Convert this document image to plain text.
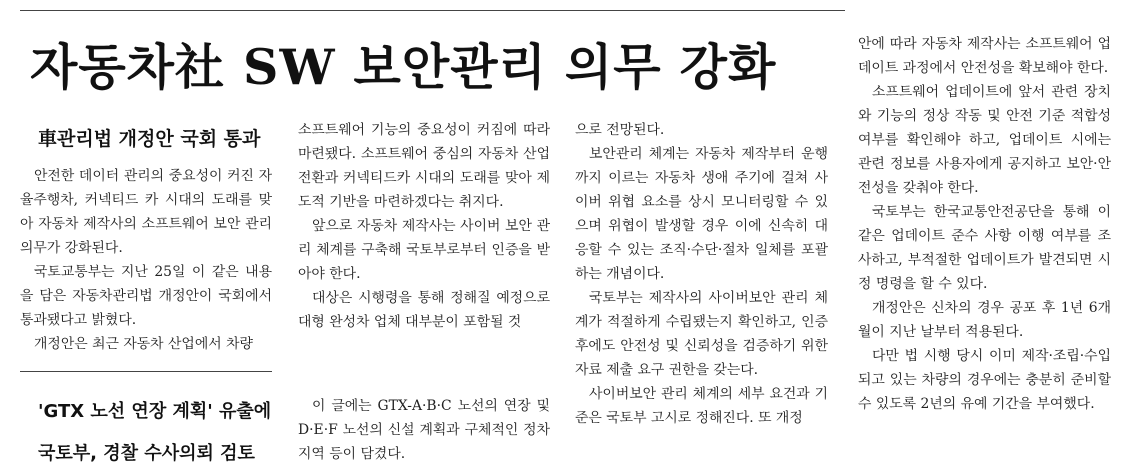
자동차社 SW 보안관리 의무 강화
車관리법 개정안 국회 통과

안전한 데이터 관리의 중요성이 커진 자율주행차, 커넥티드 카 시대의 도래를 맞아 자동차 제작사의 소프트웨어 보안 관리 의무가 강화된다.

국토교통부는 지난 25일 이 같은 내용을 담은 자동차관리법 개정안이 국회에서 통과됐다고 밝혔다.

개정안은 최근 자동차 산업에서 차량

소프트웨어 기능의 중요성이 커짐에 따라 마련됐다. 소프트웨어 중심의 자동차 산업 전환과 커넥티드카 시대의 도래를 맞아 제도적 기반을 마련하겠다는 취지다.

앞으로 자동차 제작사는 사이버 보안 관리 체계를 구축해 국토부로부터 인증을 받아야 한다.

대상은 시행령을 통해 정해질 예정으로 대형 완성차 업체 대부분이 포함될 것

으로 전망된다.

보안관리 체계는 자동차 제작부터 운행까지 이르는 자동차 생애 주기에 걸쳐 사이버 위협 요소를 상시 모니터링할 수 있으며 위협이 발생할 경우 이에 신속히 대응할 수 있는 조직·수단·절차 일체를 포괄하는 개념이다.

국토부는 제작사의 사이버보안 관리 체계가 적절하게 수립됐는지 확인하고, 인증 후에도 안전성 및 신뢰성을 검증하기 위한 자료 제출 요구 권한을 갖는다.

사이버보안 관리 체계의 세부 요건과 기준은 국토부 고시로 정해진다. 또 개정

안에 따라 자동차 제작사는 소프트웨어 업데이트 과정에서 안전성을 확보해야 한다.

소프트웨어 업데이트에 앞서 관련 장치와 기능의 정상 작동 및 안전 기준 적합성 여부를 확인해야 하고, 업데이트 시에는 관련 정보를 사용자에게 공지하고 보안·안전성을 갖춰야 한다.

국토부는 한국교통안전공단을 통해 이 같은 업데이트 준수 사항 이행 여부를 조사하고, 부적절한 업데이트가 발견되면 시정 명령을 할 수 있다.

개정안은 신차의 경우 공포 후 1년 6개월이 지난 날부터 적용된다.

다만 법 시행 당시 이미 제작·조립·수입되고 있는 차량의 경우에는 충분히 준비할 수 있도록 2년의 유예 기간을 부여했다.

'GTX 노선 연장 계획' 유출에
국토부, 경찰 수사의뢰 검토

이 글에는 GTX-A·B·C 노선의 연장 및 D·E·F 노선의 신설 계획과 구체적인 정차 지역 등이 담겼다.
